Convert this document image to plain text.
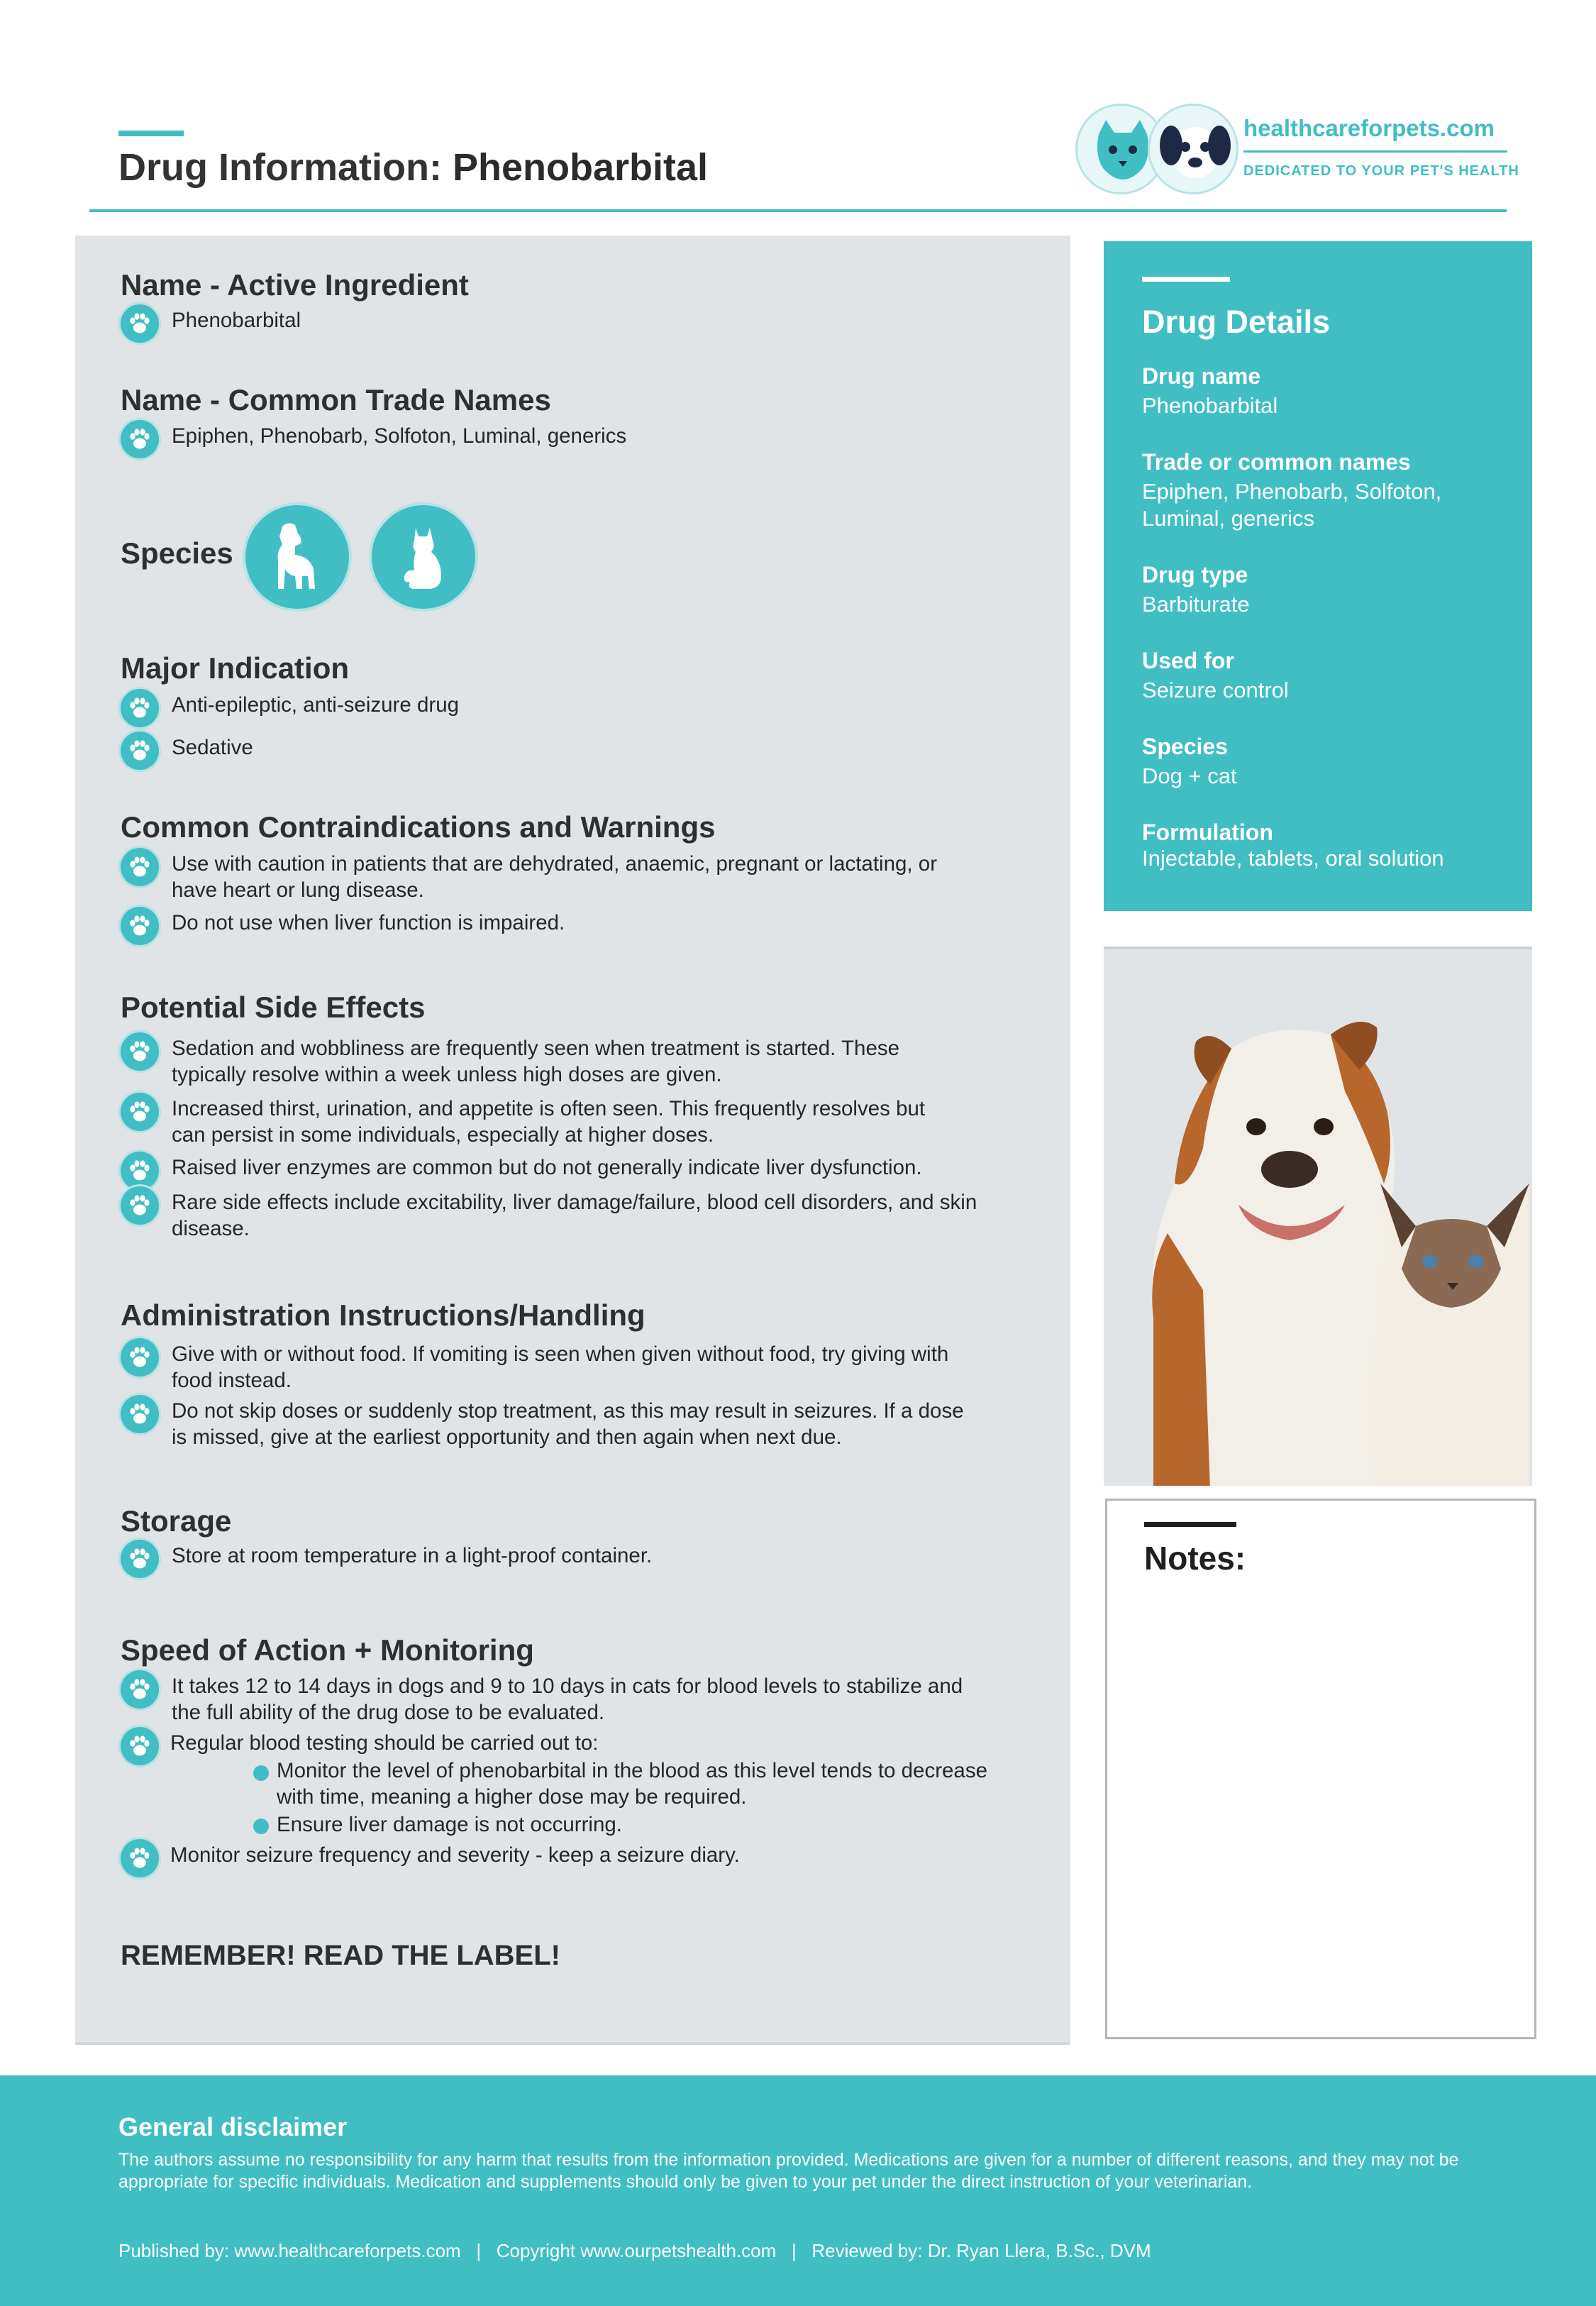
Drug Information: Phenobarbital
healthcareforpets.com
DEDICATED TO YOUR PET'S HEALTH
Name - Active Ingredient
Phenobarbital
Name - Common Trade Names
Epiphen, Phenobarb, Solfoton, Luminal, generics
Species
Major Indication
Anti-epileptic, anti-seizure drug
Sedative
Common Contraindications and Warnings
Use with caution in patients that are dehydrated, anaemic, pregnant or lactating, or have heart or lung disease.
Do not use when liver function is impaired.
Potential Side Effects
Sedation and wobbliness are frequently seen when treatment is started. These typically resolve within a week unless high doses are given.
Increased thirst, urination, and appetite is often seen. This frequently resolves but can persist in some individuals, especially at higher doses.
Raised liver enzymes are common but do not generally indicate liver dysfunction.
Rare side effects include excitability, liver damage/failure, blood cell disorders, and skin disease.
Administration Instructions/Handling
Give with or without food. If vomiting is seen when given without food, try giving with food instead.
Do not skip doses or suddenly stop treatment, as this may result in seizures. If a dose is missed, give at the earliest opportunity and then again when next due.
Storage
Store at room temperature in a light-proof container.
Speed of Action + Monitoring
It takes 12 to 14 days in dogs and 9 to 10 days in cats for blood levels to stabilize and the full ability of the drug dose to be evaluated.
Regular blood testing should be carried out to:
Monitor the level of phenobarbital in the blood as this level tends to decrease with time, meaning a higher dose may be required.
Ensure liver damage is not occurring.
Monitor seizure frequency and severity - keep a seizure diary.
REMEMBER! READ THE LABEL!
Drug Details
Drug name
Phenobarbital
Trade or common names
Epiphen, Phenobarb, Solfoton, Luminal, generics
Drug type
Barbiturate
Used for
Seizure control
Species
Dog + cat
Formulation
Injectable, tablets, oral solution
Notes:
General disclaimer

The authors assume no responsibility for any harm that results from the information provided. Medications are given for a number of different reasons, and they may not be appropriate for specific individuals. Medication and supplements should only be given to your pet under the direct instruction of your veterinarian.

Published by: www.healthcareforpets.com   |   Copyright www.ourpetshealth.com   |   Reviewed by: Dr. Ryan Llera, B.Sc., DVM
